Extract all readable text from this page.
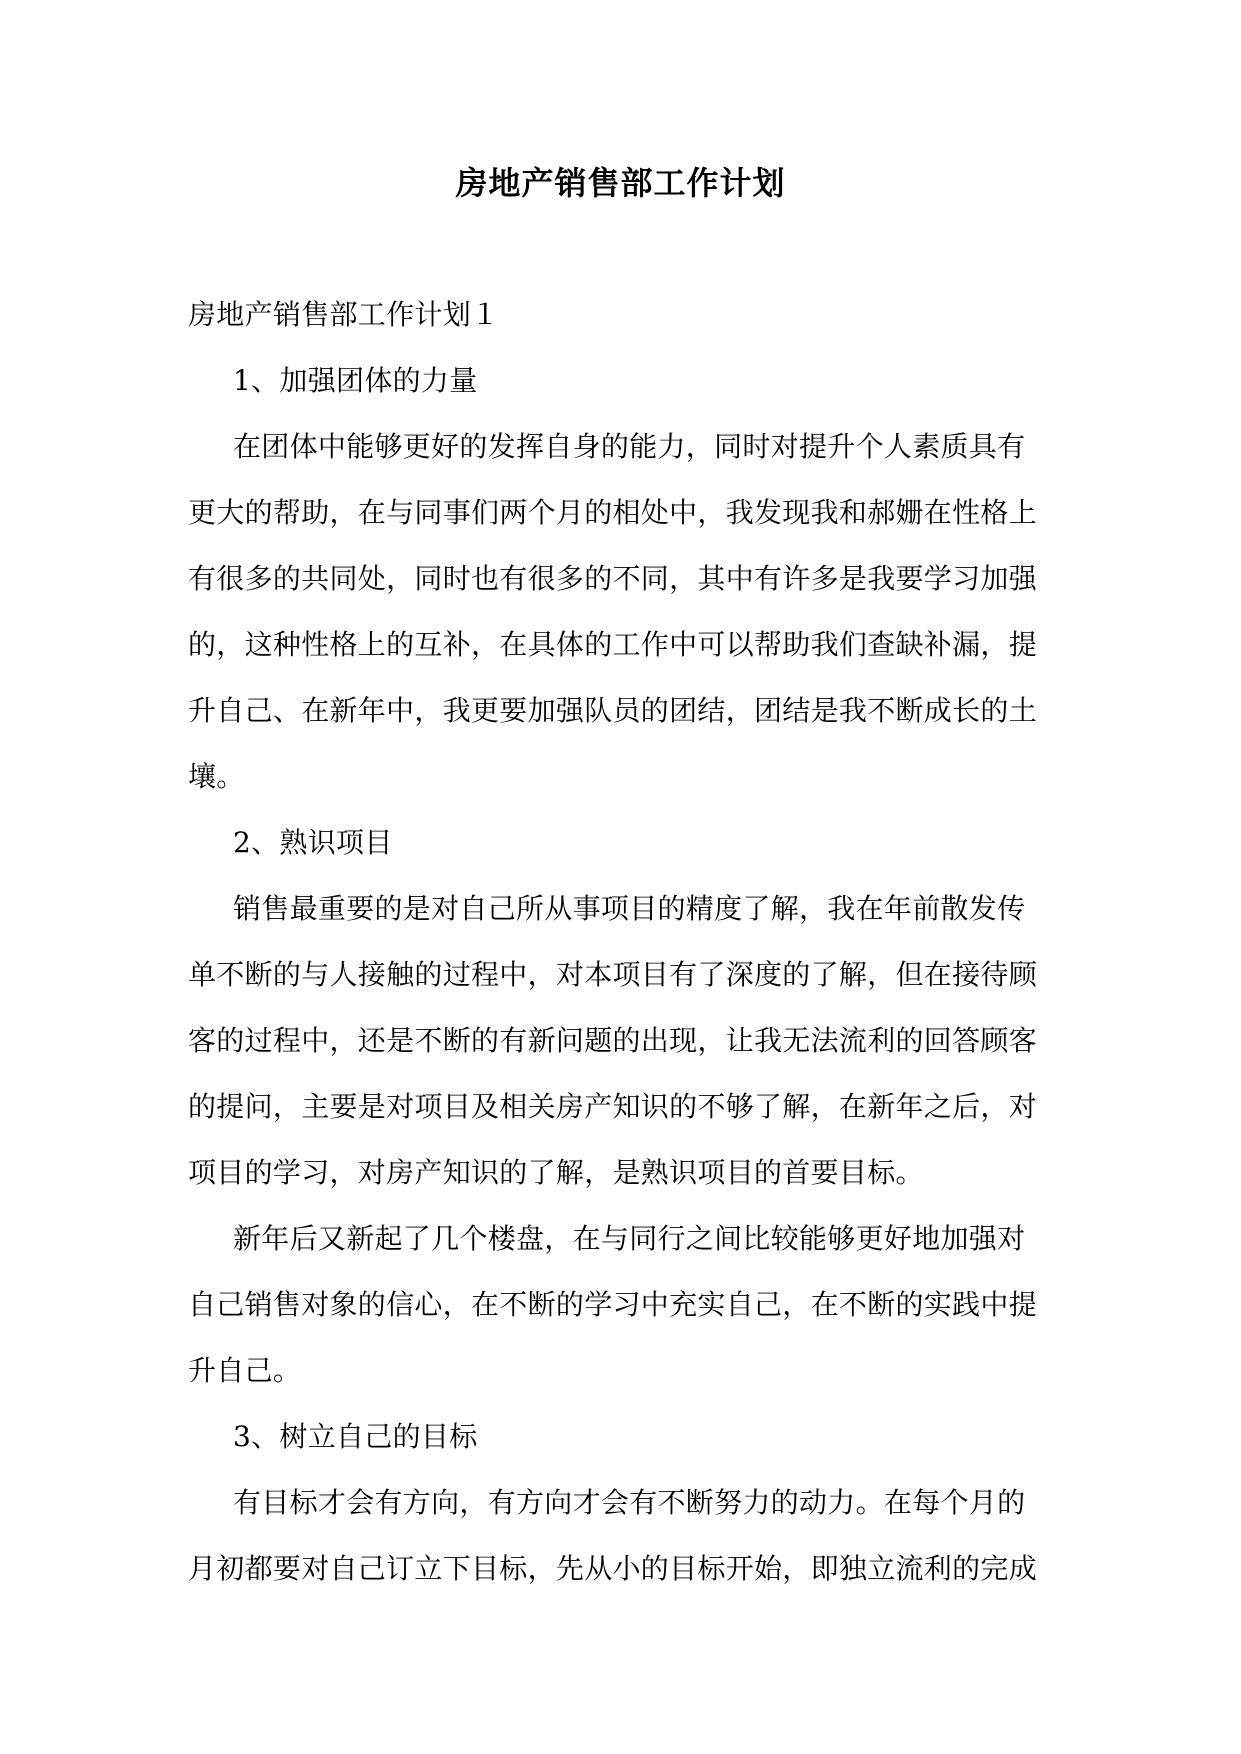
房地产销售部工作计划
房地产销售部工作计划１
1、加强团体的力量
在团体中能够更好的发挥自身的能力，同时对提升个人素质具有
更大的帮助，在与同事们两个月的相处中，我发现我和郝姗在性格上
有很多的共同处，同时也有很多的不同，其中有许多是我要学习加强
的，这种性格上的互补，在具体的工作中可以帮助我们查缺补漏，提
升自己、在新年中，我更要加强队员的团结，团结是我不断成长的土
壤。
2、熟识项目
销售最重要的是对自己所从事项目的精度了解，我在年前散发传
单不断的与人接触的过程中，对本项目有了深度的了解，但在接待顾
客的过程中，还是不断的有新问题的出现，让我无法流利的回答顾客
的提问，主要是对项目及相关房产知识的不够了解，在新年之后，对
项目的学习，对房产知识的了解，是熟识项目的首要目标。
新年后又新起了几个楼盘，在与同行之间比较能够更好地加强对
自己销售对象的信心，在不断的学习中充实自己，在不断的实践中提
升自己。
3、树立自己的目标
有目标才会有方向，有方向才会有不断努力的动力。在每个月的
月初都要对自己订立下目标，先从小的目标开始，即独立流利的完成
